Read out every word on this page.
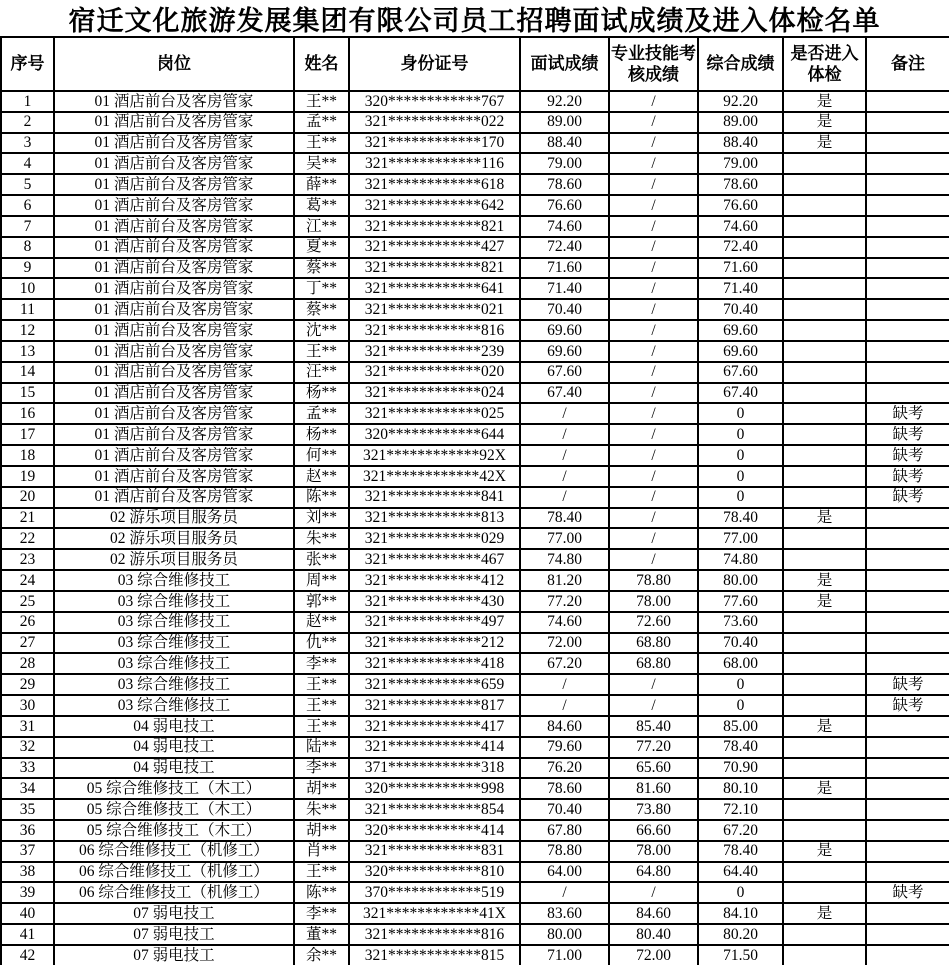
宿迁文化旅游发展集团有限公司员工招聘面试成绩及进入体检名单
序号	岗位	姓名	身份证号	面试成绩	专业技能考核成绩	综合成绩	是否进入体检	备注
1	01 酒店前台及客房管家	王**	320************767	92.20	/	92.20	是	
2	01 酒店前台及客房管家	孟**	321************022	89.00	/	89.00	是	
3	01 酒店前台及客房管家	王**	321************170	88.40	/	88.40	是	
4	01 酒店前台及客房管家	吴**	321************116	79.00	/	79.00		
5	01 酒店前台及客房管家	薛**	321************618	78.60	/	78.60		
6	01 酒店前台及客房管家	葛**	321************642	76.60	/	76.60		
7	01 酒店前台及客房管家	江**	321************821	74.60	/	74.60		
8	01 酒店前台及客房管家	夏**	321************427	72.40	/	72.40		
9	01 酒店前台及客房管家	蔡**	321************821	71.60	/	71.60		
10	01 酒店前台及客房管家	丁**	321************641	71.40	/	71.40		
11	01 酒店前台及客房管家	蔡**	321************021	70.40	/	70.40		
12	01 酒店前台及客房管家	沈**	321************816	69.60	/	69.60		
13	01 酒店前台及客房管家	王**	321************239	69.60	/	69.60		
14	01 酒店前台及客房管家	汪**	321************020	67.60	/	67.60		
15	01 酒店前台及客房管家	杨**	321************024	67.40	/	67.40		
16	01 酒店前台及客房管家	孟**	321************025	/	/	0		缺考
17	01 酒店前台及客房管家	杨**	320************644	/	/	0		缺考
18	01 酒店前台及客房管家	何**	321************92X	/	/	0		缺考
19	01 酒店前台及客房管家	赵**	321************42X	/	/	0		缺考
20	01 酒店前台及客房管家	陈**	321************841	/	/	0		缺考
21	02 游乐项目服务员	刘**	321************813	78.40	/	78.40	是	
22	02 游乐项目服务员	朱**	321************029	77.00	/	77.00		
23	02 游乐项目服务员	张**	321************467	74.80	/	74.80		
24	03 综合维修技工	周**	321************412	81.20	78.80	80.00	是	
25	03 综合维修技工	郭**	321************430	77.20	78.00	77.60	是	
26	03 综合维修技工	赵**	321************497	74.60	72.60	73.60		
27	03 综合维修技工	仇**	321************212	72.00	68.80	70.40		
28	03 综合维修技工	李**	321************418	67.20	68.80	68.00		
29	03 综合维修技工	王**	321************659	/	/	0		缺考
30	03 综合维修技工	王**	321************817	/	/	0		缺考
31	04 弱电技工	王**	321************417	84.60	85.40	85.00	是	
32	04 弱电技工	陆**	321************414	79.60	77.20	78.40		
33	04 弱电技工	李**	371************318	76.20	65.60	70.90		
34	05 综合维修技工（木工）	胡**	320************998	78.60	81.60	80.10	是	
35	05 综合维修技工（木工）	朱**	321************854	70.40	73.80	72.10		
36	05 综合维修技工（木工）	胡**	320************414	67.80	66.60	67.20		
37	06 综合维修技工（机修工）	肖**	321************831	78.80	78.00	78.40	是	
38	06 综合维修技工（机修工）	王**	320************810	64.00	64.80	64.40		
39	06 综合维修技工（机修工）	陈**	370************519	/	/	0		缺考
40	07 弱电技工	李**	321************41X	83.60	84.60	84.10	是	
41	07 弱电技工	董**	321************816	80.00	80.40	80.20		
42	07 弱电技工	余**	321************815	71.00	72.00	71.50		
